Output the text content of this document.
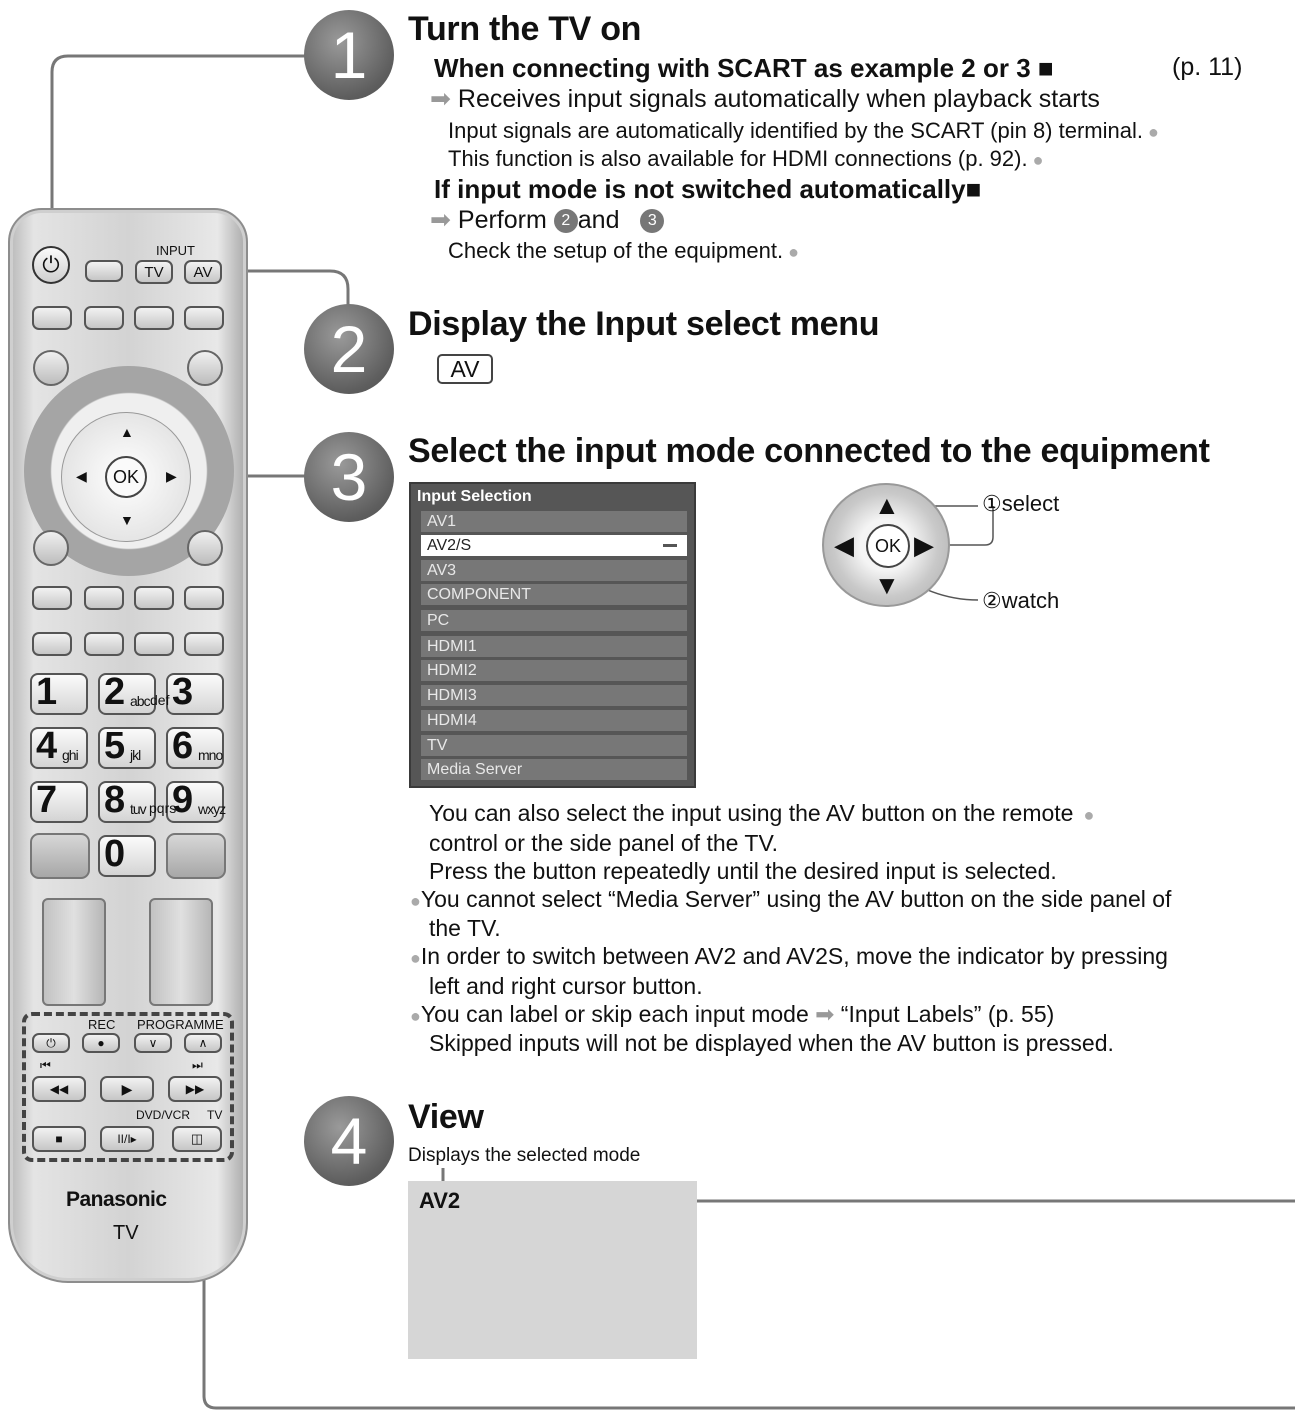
⏻
INPUT
TV	AV
OK
▲
▼
◀	▶
1 2 abc 3
def
4 ghi 5 jkl 6 mno
7 8 tuv 9 wxyz
pqrs
0
REC PROGRAMME
⏻	●	∨	∧
⏮	⏭
◀◀	▶	▶▶
DVD/VCR TV
■	II/I▸	◫
Panasonic
TV
1	Turn the TV on
When connecting with SCART as example 2 or 3 ■	(p. 11)
➡ Receives input signals automatically when playback starts
Input signals are automatically identified by the SCART (pin 8) terminal. ●
This function is also available for HDMI connections (p. 92). ●
If input mode is not switched automatically■
➡ Perform 2 and 3
Check the setup of the equipment. ●
2	Display the Input select menu
AV
3	Select the input mode connected to the equipment
Input Selection
AV1
AV2/S
AV3
COMPONENT
PC
HDMI1
HDMI2
HDMI3
HDMI4
TV
Media Server
OK
▲
▼
◀ ▶
①select
②watch
You can also select the input using the AV button on the remote  ●
control or the side panel of the TV.
Press the button repeatedly until the desired input is selected.
●You cannot select “Media Server” using the AV button on the side panel of
the TV.
●In order to switch between AV2 and AV2S, move the indicator by pressing
left and right cursor button.
●You can label or skip each input mode ➡ “Input Labels” (p. 55)
Skipped inputs will not be displayed when the AV button is pressed.
4	View
Displays the selected mode
AV2
